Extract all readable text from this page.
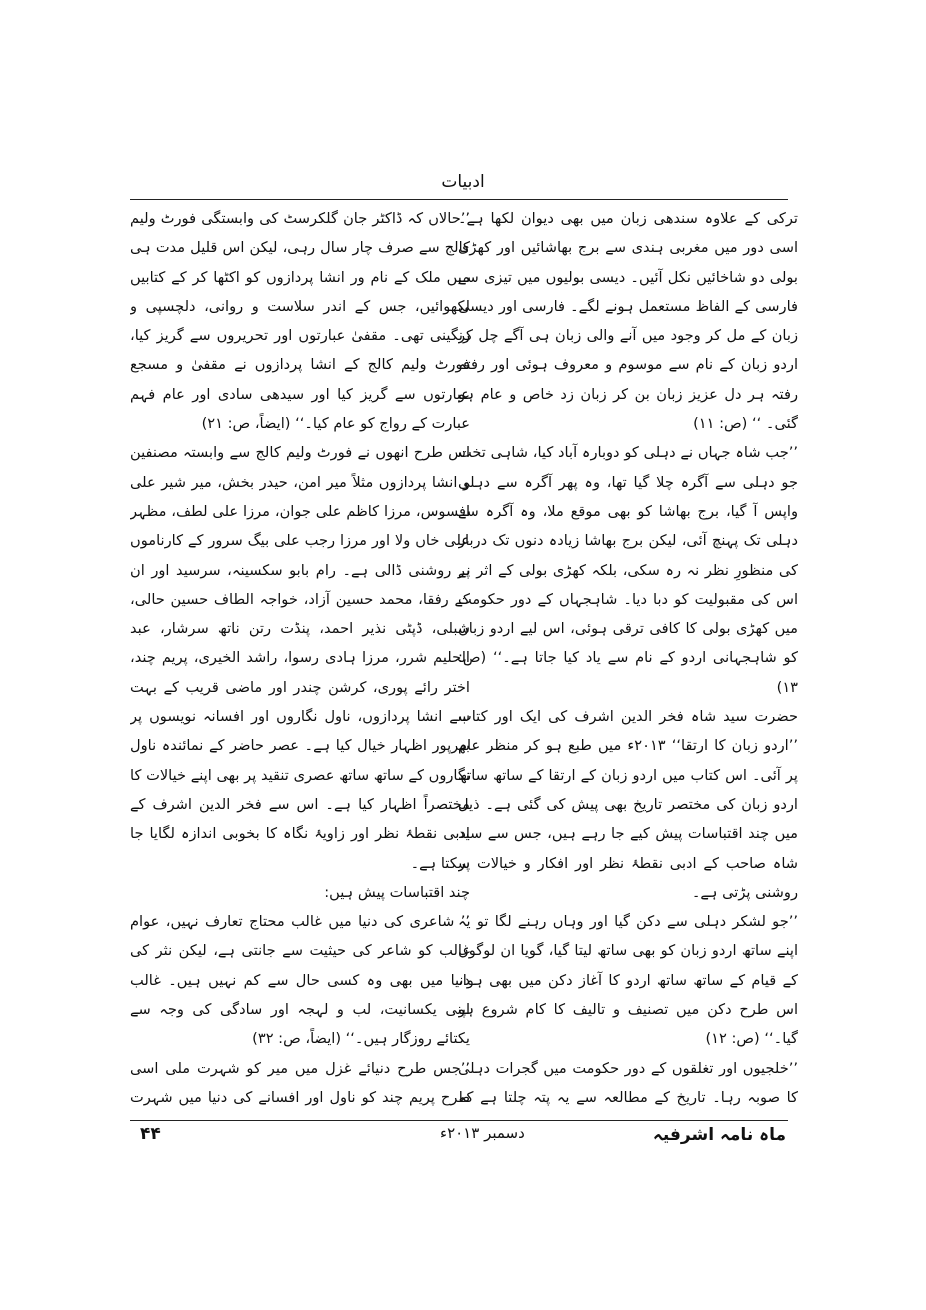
ادبیات

ترکی کے علاوہ سندھی زبان میں بھی دیوان لکھا ہے۔ اسی دور میں مغربی ہندی سے برج بھاشائیں اور کھڑی بولی دو شاخائیں نکل آئیں۔ دیسی بولیوں میں تیزی سے فارسی کے الفاظ مستعمل ہونے لگے۔ فارسی اور دیسی زبان کے مل کر وجود میں آنے والی زبان ہی آگے چل کر اردو زبان کے نام سے موسوم و معروف ہوئی اور رفتہ رفتہ ہر دل عزیز زبان بن کر زبان زد خاص و عام ہو گئی۔ ‘‘ (ص: ۱۱)

’’جب شاہ جہاں نے دہلی کو دوبارہ آباد کیا، شاہی تخت جو دہلی سے آگرہ چلا گیا تھا، وہ پھر آگرہ سے دہلی واپس آ گیا، برج بھاشا کو بھی موقع ملا، وہ آگرہ سے دہلی تک پہنچ آئی، لیکن برج بھاشا زیادہ دنوں تک دربار کی منظورِ نظر نہ رہ سکی، بلکہ کھڑی بولی کے اثر نے اس کی مقبولیت کو دبا دیا۔ شاہجہاں کے دور حکومت میں کھڑی بولی کا کافی ترقی ہوئی، اس لیے اردو زبان کو شاہجہانی اردو کے نام سے یاد کیا جاتا ہے۔‘‘ (ص: ۱۳)

حضرت سید شاہ فخر الدین اشرف کی ایک اور کتاب ’’اردو زبان کا ارتقا‘‘ ۲۰۱۳ء میں طبع ہو کر منظر عام پر آئی۔ اس کتاب میں اردو زبان کے ارتقا کے ساتھ ساتھ اردو زبان کی مختصر تاریخ بھی پیش کی گئی ہے۔ ذیل میں چند اقتباسات پیش کیے جا رہے ہیں، جس سے سید شاہ صاحب کے ادبی نقطۂ نظر اور افکار و خیالات پر روشنی پڑتی ہے۔

’’جو لشکر دہلی سے دکن گیا اور وہاں رہنے لگا تو یہ اپنے ساتھ اردو زبان کو بھی ساتھ لیتا گیا، گویا ان لوگوں کے قیام کے ساتھ ساتھ اردو کا آغاز دکن میں بھی ہوا، اس طرح دکن میں تصنیف و تالیف کا کام شروع ہو گیا۔‘‘ (ص: ۱۲)

’’خلجیوں اور تغلقوں کے دور حکومت میں گجرات دہلی کا صوبہ رہا۔ تاریخ کے مطالعہ سے یہ پتہ چلتا ہے کہ

’’حالاں کہ ڈاکٹر جان گلکرسٹ کی وابستگی فورٹ ولیم کالج سے صرف چار سال رہی، لیکن اس قلیل مدت ہی میں ملک کے نام ور انشا پردازوں کو اکٹھا کر کے کتابیں لکھوائیں، جس کے اندر سلاست و روانی، دلچسپی و رنگینی تھی۔ مقفیٰ عبارتوں اور تحریروں سے گریز کیا، فورٹ ولیم کالج کے انشا پردازوں نے مقفیٰ و مسجع عبارتوں سے گریز کیا اور سیدھی سادی اور عام فہم عبارت کے رواج کو عام کیا۔‘‘ (ایضاً، ص: ۲۱)

اس طرح انھوں نے فورٹ ولیم کالج سے وابستہ مصنفین و انشا پردازوں مثلاً میر امن، حیدر بخش، میر شیر علی افسوس، مرزا کاظم علی جوان، مرزا علی لطف، مظہر علی خاں ولا اور مرزا رجب علی بیگ سرور کے کارناموں پر روشنی ڈالی ہے۔ رام بابو سکسینہ، سرسید اور ان کے رفقا، محمد حسین آزاد، خواجہ الطاف حسین حالی، شبلی، ڈپٹی نذیر احمد، پنڈت رتن ناتھ سرشار، عبد الحلیم شرر، مرزا ہادی رسوا، راشد الخیری، پریم چند، اختر رائے پوری، کرشن چندر اور ماضی قریب کے بہت سے انشا پردازوں، ناول نگاروں اور افسانہ نویسوں پر بھرپور اظہار خیال کیا ہے۔ عصر حاضر کے نمائندہ ناول نگاروں کے ساتھ ساتھ عصری تنقید پر بھی اپنے خیالات کا مختصراً اظہار کیا ہے۔ اس سے فخر الدین اشرف کے ادبی نقطۂ نظر اور زاویۂ نگاہ کا بخوبی اندازہ لگایا جا سکتا ہے۔

چند اقتباسات پیش ہیں:

’’ شاعری کی دنیا میں غالب محتاج تعارف نہیں، عوام غالب کو شاعر کی حیثیت سے جانتی ہے، لیکن نثر کی دنیا میں بھی وہ کسی حال سے کم نہیں ہیں۔ غالب اپنی یکسانیت، لب و لہجہ اور سادگی کی وجہ سے یکتائے روزگار ہیں۔‘‘ (ایضاً، ص: ۳۲)

’’جس طرح دنیائے غزل میں میر کو شہرت ملی اسی طرح پریم چند کو ناول اور افسانے کی دنیا میں شہرت

ماہ نامہ اشرفیہ
دسمبر ۲۰۱۳ء
۴۴
